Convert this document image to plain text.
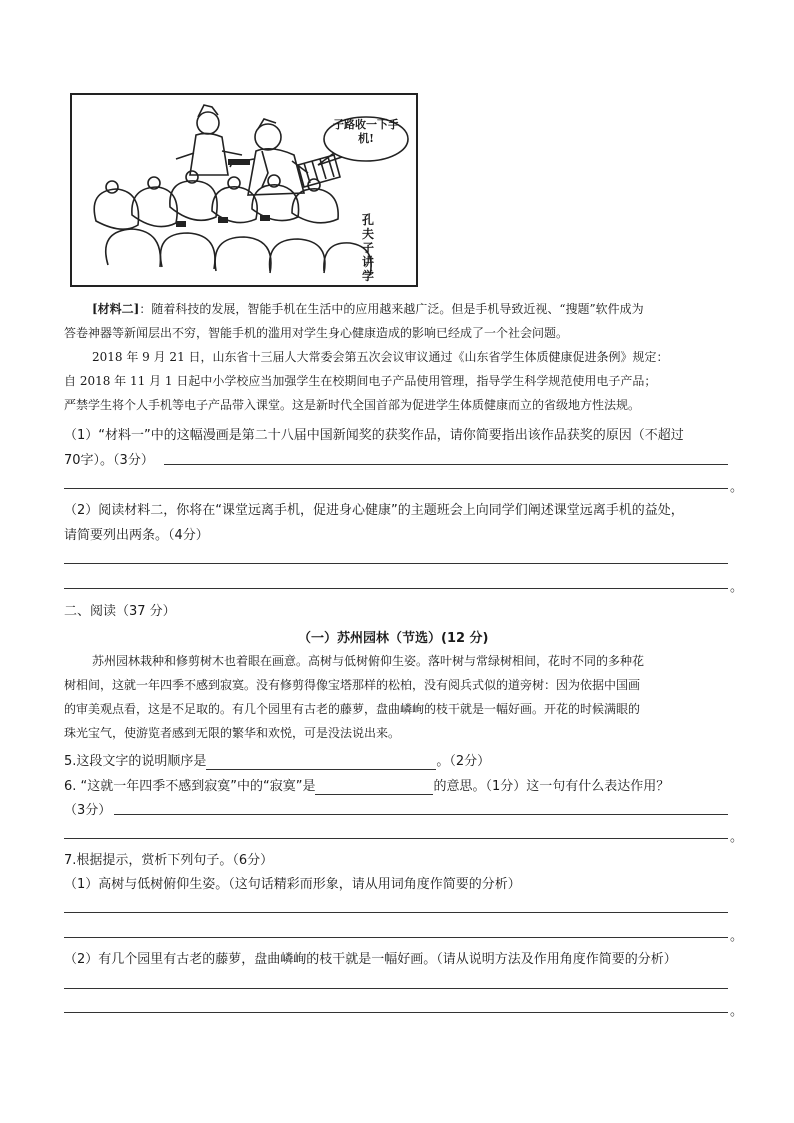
子路收一下手机!
孔夫子讲学
[材料二]：随着科技的发展，智能手机在生活中的应用越来越广泛。但是手机导致近视、“搜题”软件成为
答卷神器等新闻层出不穷，智能手机的滥用对学生身心健康造成的影响已经成了一个社会问题。
2018 年 9 月 21 日，山东省十三届人大常委会第五次会议审议通过《山东省学生体质健康促进条例》规定：
自 2018 年 11 月 1 日起中小学校应当加强学生在校期间电子产品使用管理，指导学生科学规范使用电子产品；
严禁学生将个人手机等电子产品带入课堂。这是新时代全国首部为促进学生体质健康而立的省级地方性法规。
（1）“材料一”中的这幅漫画是第二十八届中国新闻奖的获奖作品，请你简要指出该作品获奖的原因（不超过
70字）。（3分）
。
（2）阅读材料二，你将在“课堂远离手机，促进身心健康”的主题班会上向同学们阐述课堂远离手机的益处，
请简要列出两条。（4分）
。
二、阅读（37 分）
（一）苏州园林（节选）(12 分)
苏州园林栽种和修剪树木也着眼在画意。高树与低树俯仰生姿。落叶树与常绿树相间，花时不同的多种花
树相间，这就一年四季不感到寂寞。没有修剪得像宝塔那样的松柏，没有阅兵式似的道旁树：因为依据中国画
的审美观点看，这是不足取的。有几个园里有古老的藤萝，盘曲嶙峋的枝干就是一幅好画。开花的时候满眼的
珠光宝气，使游览者感到无限的繁华和欢悦，可是没法说出来。
5.这段文字的说明顺序是	。（2分）
6. “这就一年四季不感到寂寞”中的“寂寞”是	的意思。（1分）这一句有什么表达作用？
（3分）
。
7.根据提示，赏析下列句子。（6分）
（1）高树与低树俯仰生姿。（这句话精彩而形象，请从用词角度作简要的分析）
。
（2）有几个园里有古老的藤萝，盘曲嶙峋的枝干就是一幅好画。（请从说明方法及作用角度作简要的分析）
。
